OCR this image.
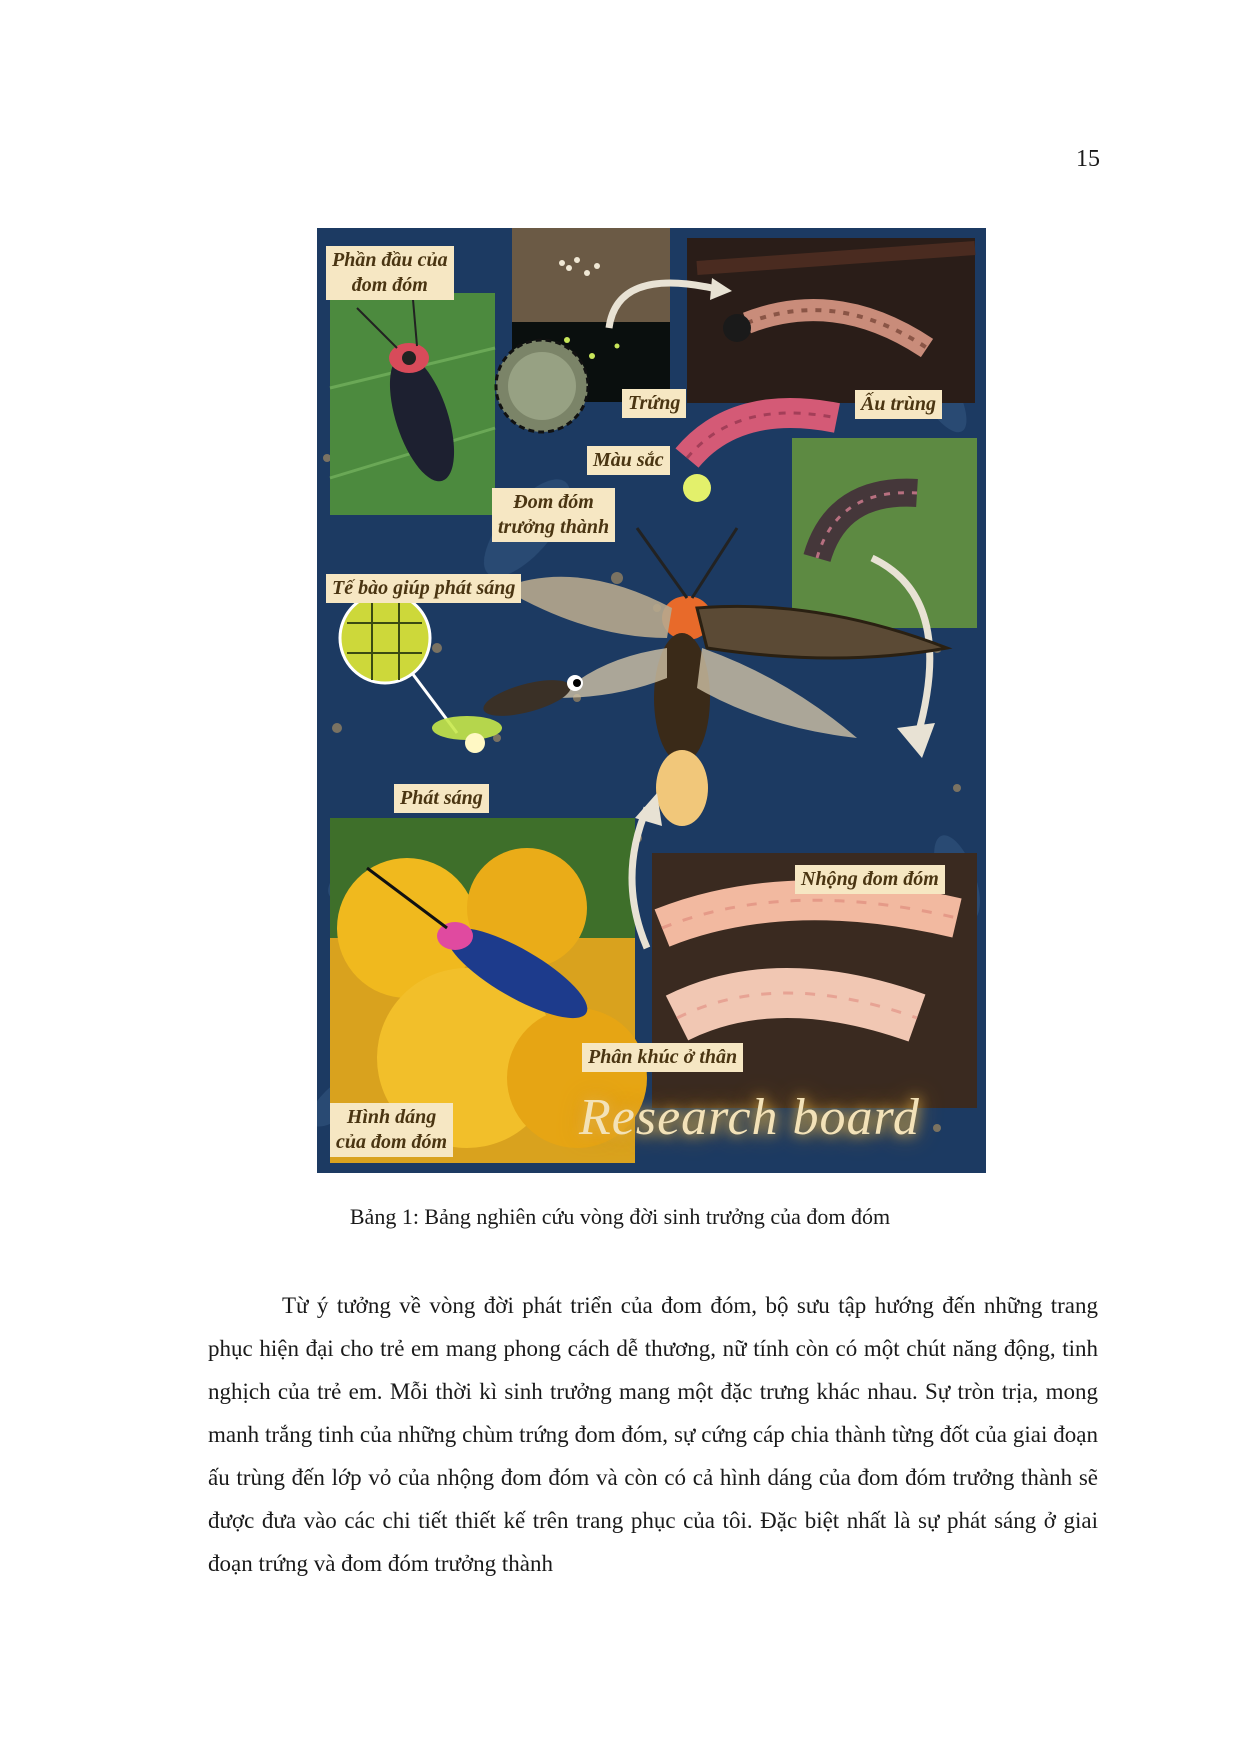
15
Phần đầu của
đom đóm
Trứng	Ấu trùng
Màu sắc
Đom đóm
trưởng thành
Tế bào giúp phát sáng
Phát sáng
Nhộng đom đóm
Phân khúc ở thân
Hình dáng
của đom đóm	Research board
Bảng 1: Bảng nghiên cứu vòng đời sinh trưởng của đom đóm
Từ ý tưởng về vòng đời phát triển của đom đóm, bộ sưu tập hướng đến những trang phục hiện đại cho trẻ em mang phong cách dễ thương, nữ tính còn có một chút năng động, tinh nghịch của trẻ em. Mỗi thời kì sinh trưởng mang một đặc trưng khác nhau. Sự tròn trịa, mong manh trắng tinh của những chùm trứng đom đóm, sự cứng cáp chia thành từng đốt của giai đoạn ấu trùng đến lớp vỏ của nhộng đom đóm và còn có cả hình dáng của đom đóm trưởng thành sẽ được đưa vào các chi tiết thiết kế trên trang phục của tôi. Đặc biệt nhất là sự phát sáng ở giai đoạn trứng và đom đóm trưởng thành
